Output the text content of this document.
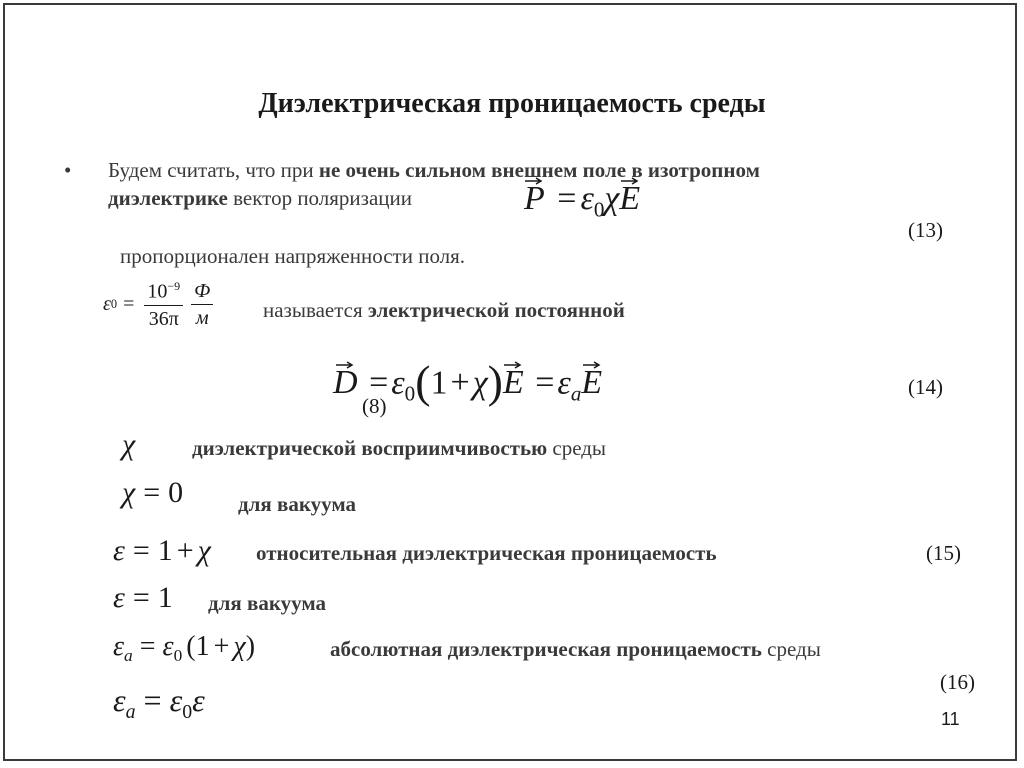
Диэлектрическая проницаемость среды
• Будем считать, что при не очень сильном внешнем поле в изотропном
диэлектрике вектор поляризации	$P = \varepsilon_0\chi$
E
(13)
пропорционален напряженности поля.
ε $0 = \frac{10^{-9}}{36\pi} \frac{Ф}{м}$ называется электрической постоянной
$D =\varepsilon_0(1+\chi)$
$E =\varepsilon_a$
E
(8)
(14)
χ	диэлектрической восприимчивостью среды
χ = 0	для вакуума
ε = 1 + χ относительная диэлектрическая проницаемость	(15)
ε = 1 для вакуума
$\varepsilon_a = \varepsilon_0$ (1 + χ)	абсолютная диэлектрическая проницаемость среды
$\varepsilon_a = \varepsilon_0\varepsilon$	(16)
11
